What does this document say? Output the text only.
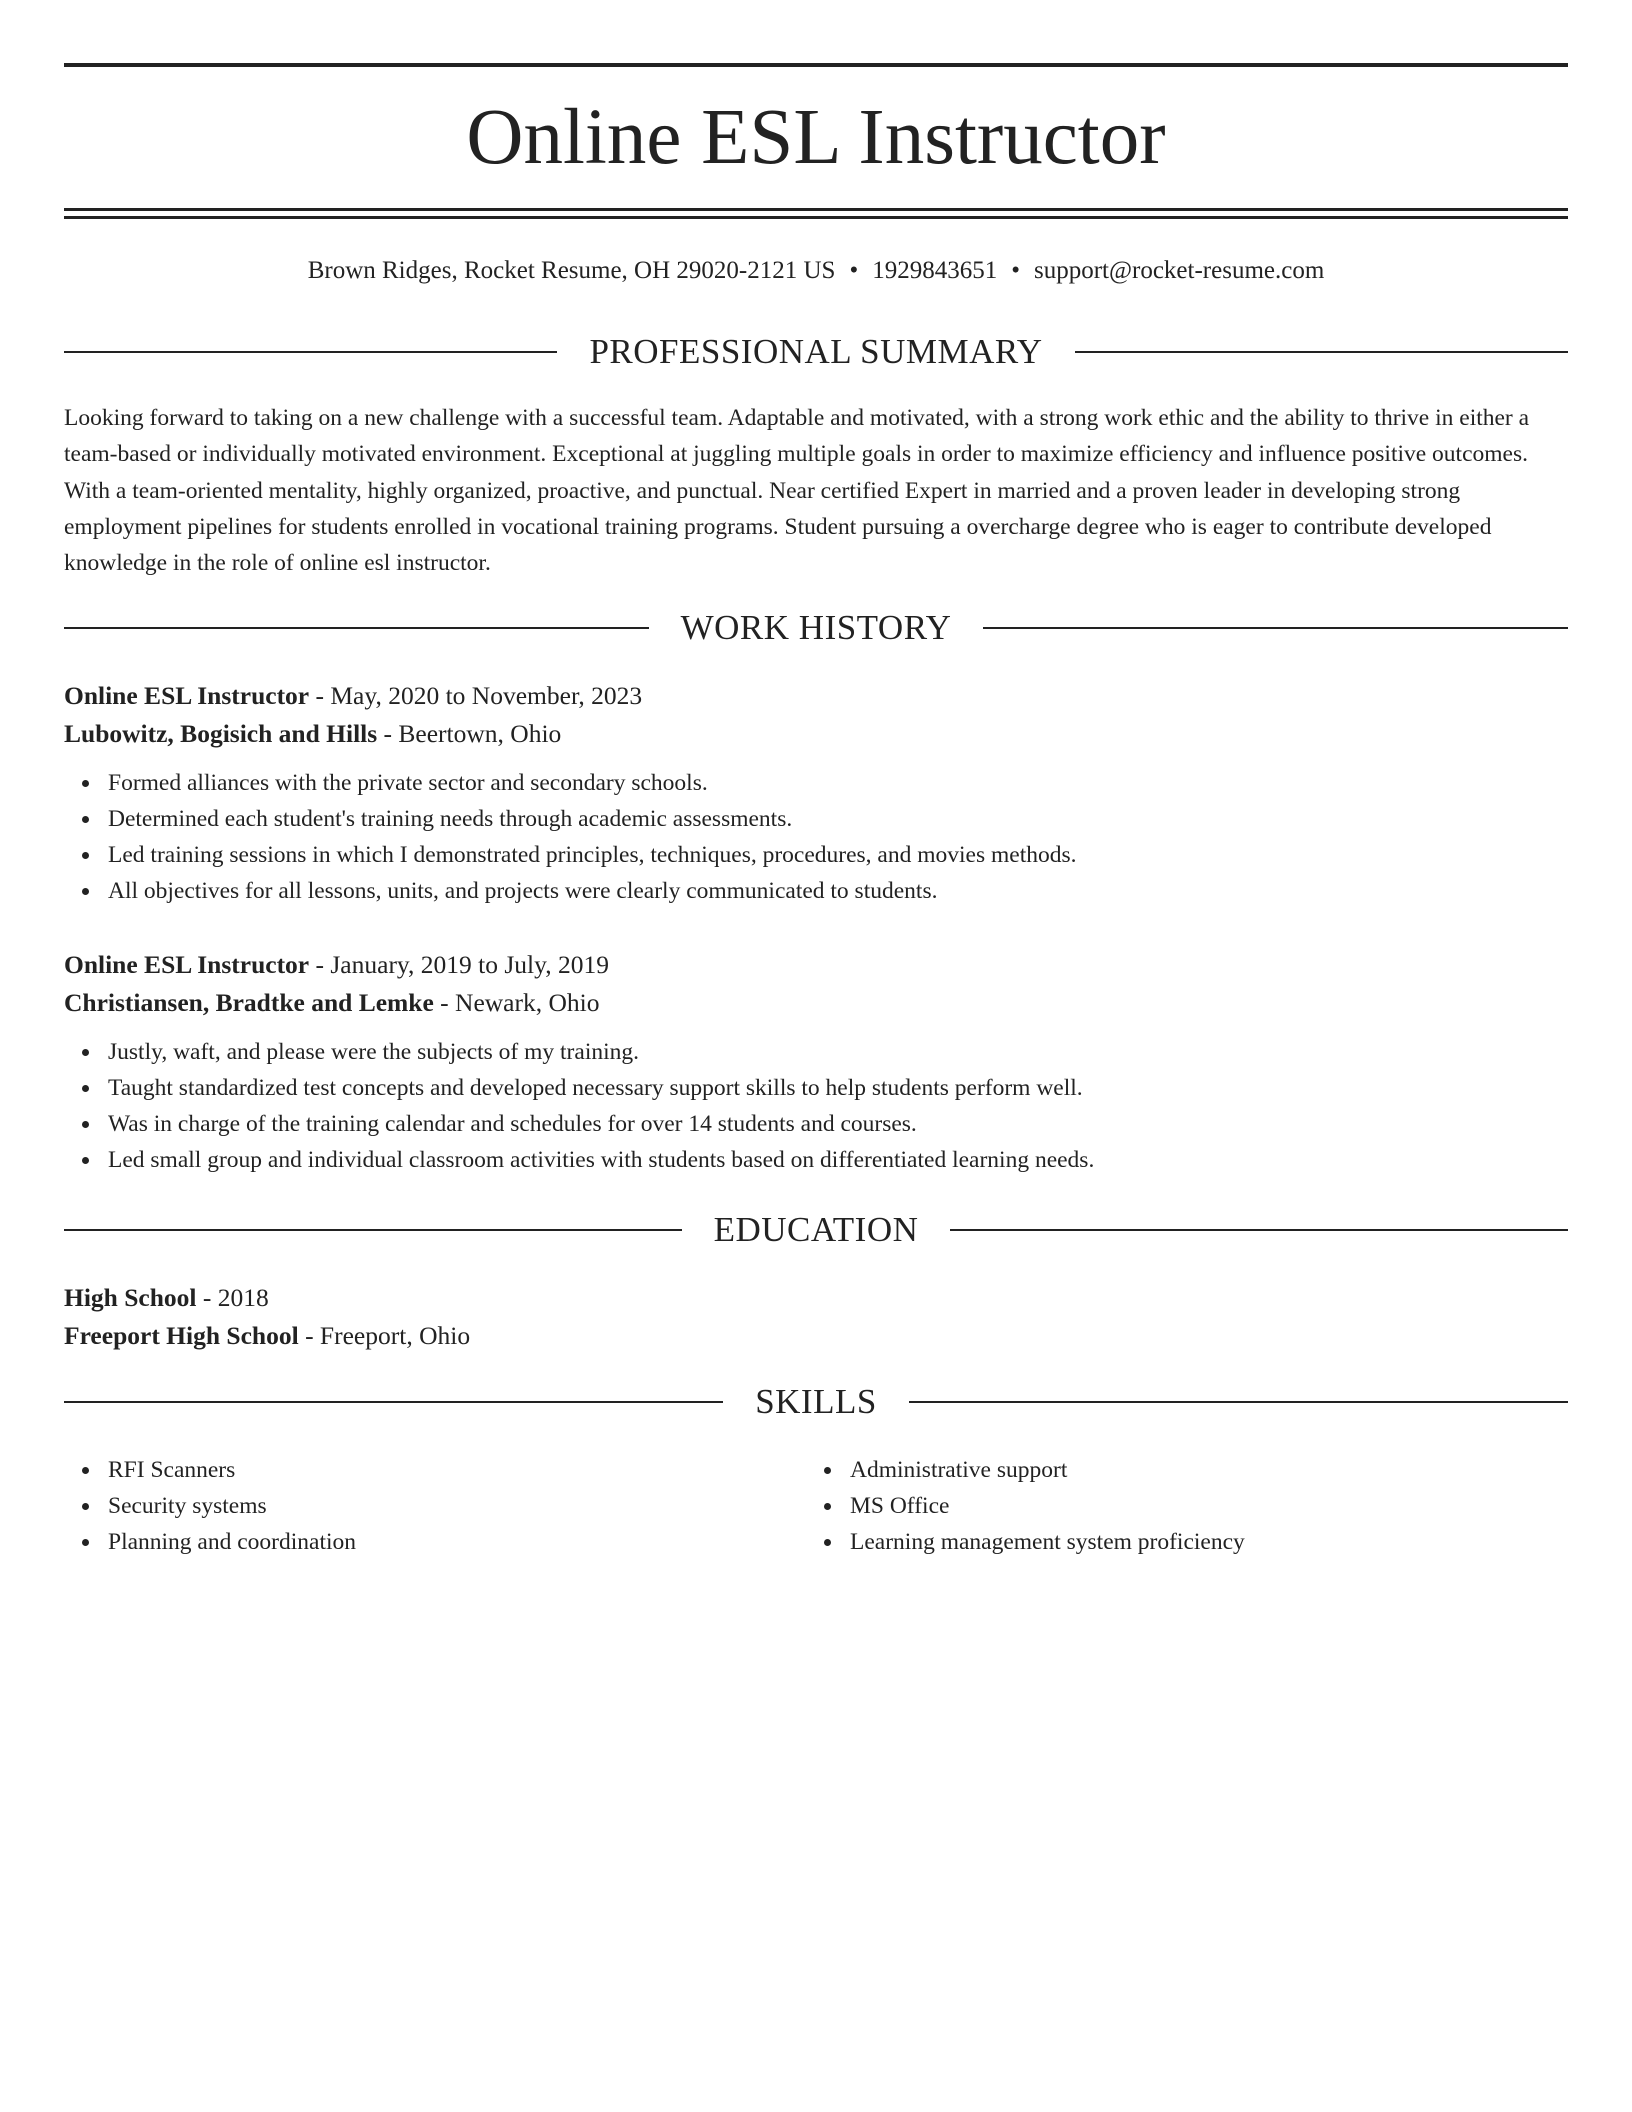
Online ESL Instructor
Brown Ridges, Rocket Resume, OH 29020-2121 US • 1929843651 • support@rocket-resume.com
PROFESSIONAL SUMMARY

Looking forward to taking on a new challenge with a successful team. Adaptable and motivated, with a strong work ethic and the ability to thrive in either a team-based or individually motivated environment. Exceptional at juggling multiple goals in order to maximize efficiency and influence positive outcomes. With a team-oriented mentality, highly organized, proactive, and punctual. Near certified Expert in married and a proven leader in developing strong employment pipelines for students enrolled in vocational training programs. Student pursuing a overcharge degree who is eager to contribute developed knowledge in the role of online esl instructor.

WORK HISTORY
Online ESL Instructor - May, 2020 to November, 2023
Lubowitz, Bogisich and Hills - Beertown, Ohio
Formed alliances with the private sector and secondary schools.
Determined each student's training needs through academic assessments.
Led training sessions in which I demonstrated principles, techniques, procedures, and movies methods.
All objectives for all lessons, units, and projects were clearly communicated to students.
Online ESL Instructor - January, 2019 to July, 2019
Christiansen, Bradtke and Lemke - Newark, Ohio
Justly, waft, and please were the subjects of my training.
Taught standardized test concepts and developed necessary support skills to help students perform well.
Was in charge of the training calendar and schedules for over 14 students and courses.
Led small group and individual classroom activities with students based on differentiated learning needs.
EDUCATION
High School - 2018
Freeport High School - Freeport, Ohio
SKILLS
RFI Scanners
Security systems
Planning and coordination
Administrative support
MS Office
Learning management system proficiency
